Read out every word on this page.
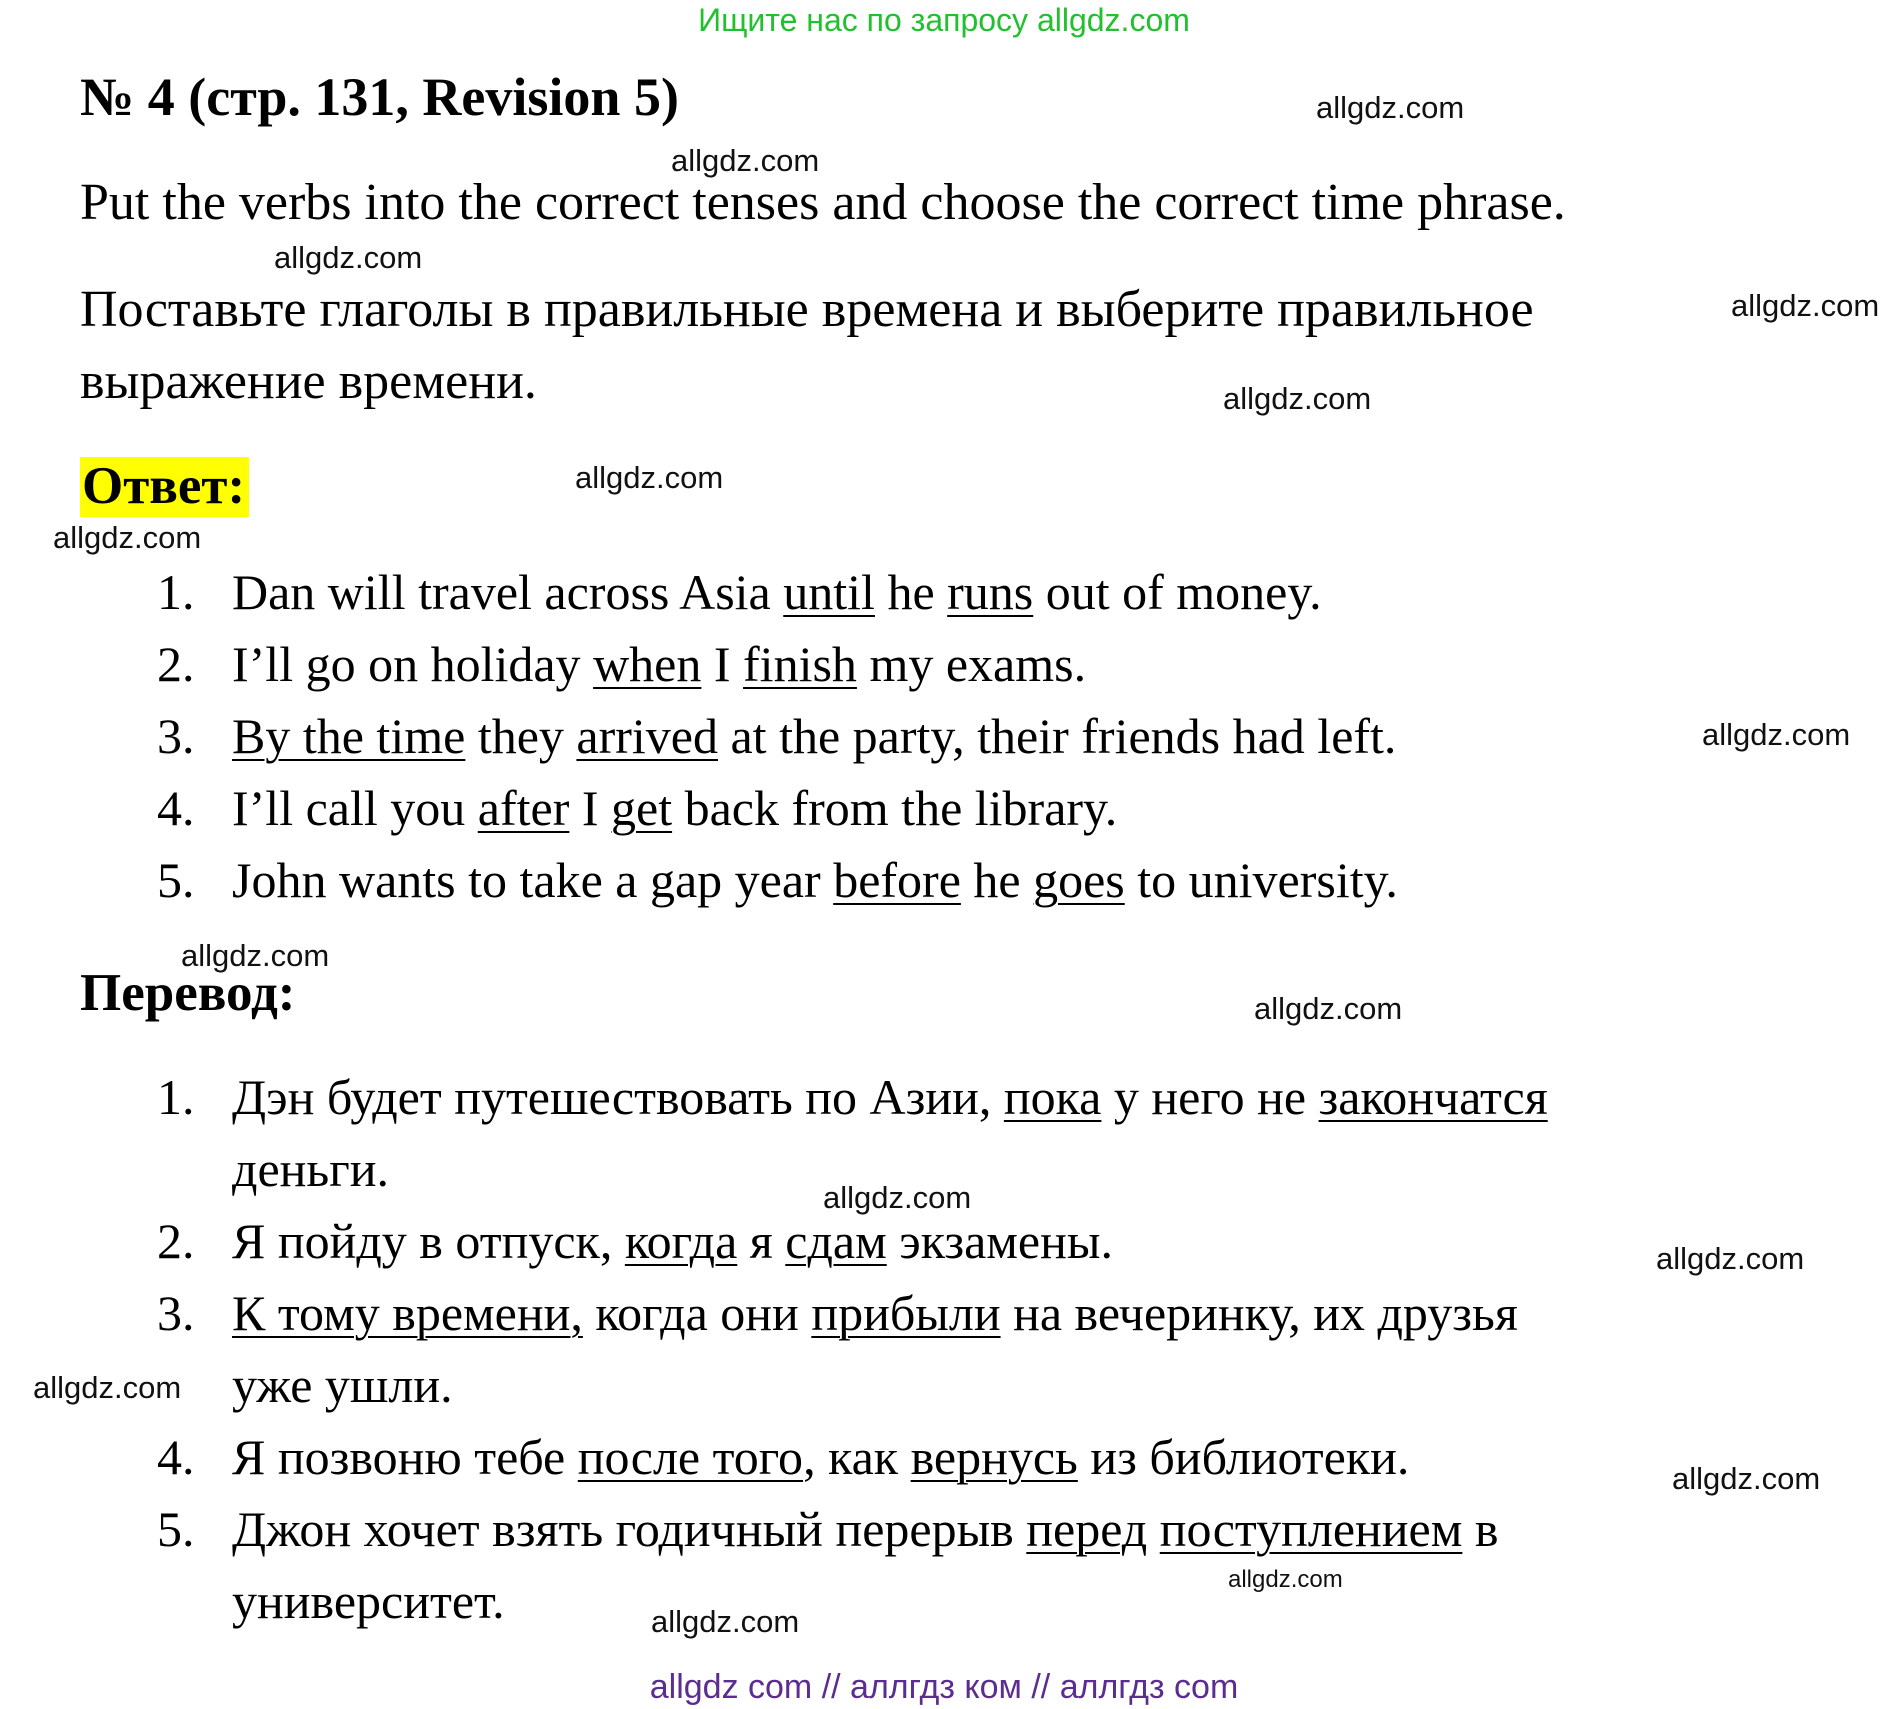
Ищите нас по запросу allgdz.com
№ 4 (стр. 131, Revision 5)
Put the verbs into the correct tenses and choose the correct time phrase.
Поставьте глаголы в правильные времена и выберите правильное
выражение времени.
Ответ:
1. Dan will travel across Asia until he runs out of money.
2. I’ll go on holiday when I finish my exams.
3. By the time they arrived at the party, their friends had left.
4. I’ll call you after I get back from the library.
5. John wants to take a gap year before he goes to university.
Перевод:
1. Дэн будет путешествовать по Азии, пока у него не закончатся
деньги.
2. Я пойду в отпуск, когда я сдам экзамены.
3. К тому времени, когда они прибыли на вечеринку, их друзья
уже ушли.
4. Я позвоню тебе после того, как вернусь из библиотеки.
5. Джон хочет взять годичный перерыв перед поступлением в
университет.
allgdz.com
allgdz.com
allgdz.com
allgdz.com
allgdz.com
allgdz.com
allgdz.com
allgdz.com
allgdz.com
allgdz.com
allgdz.com
allgdz.com
allgdz.com
allgdz.com
allgdz.com
allgdz.com
allgdz com // аллгдз ком // аллгдз com
